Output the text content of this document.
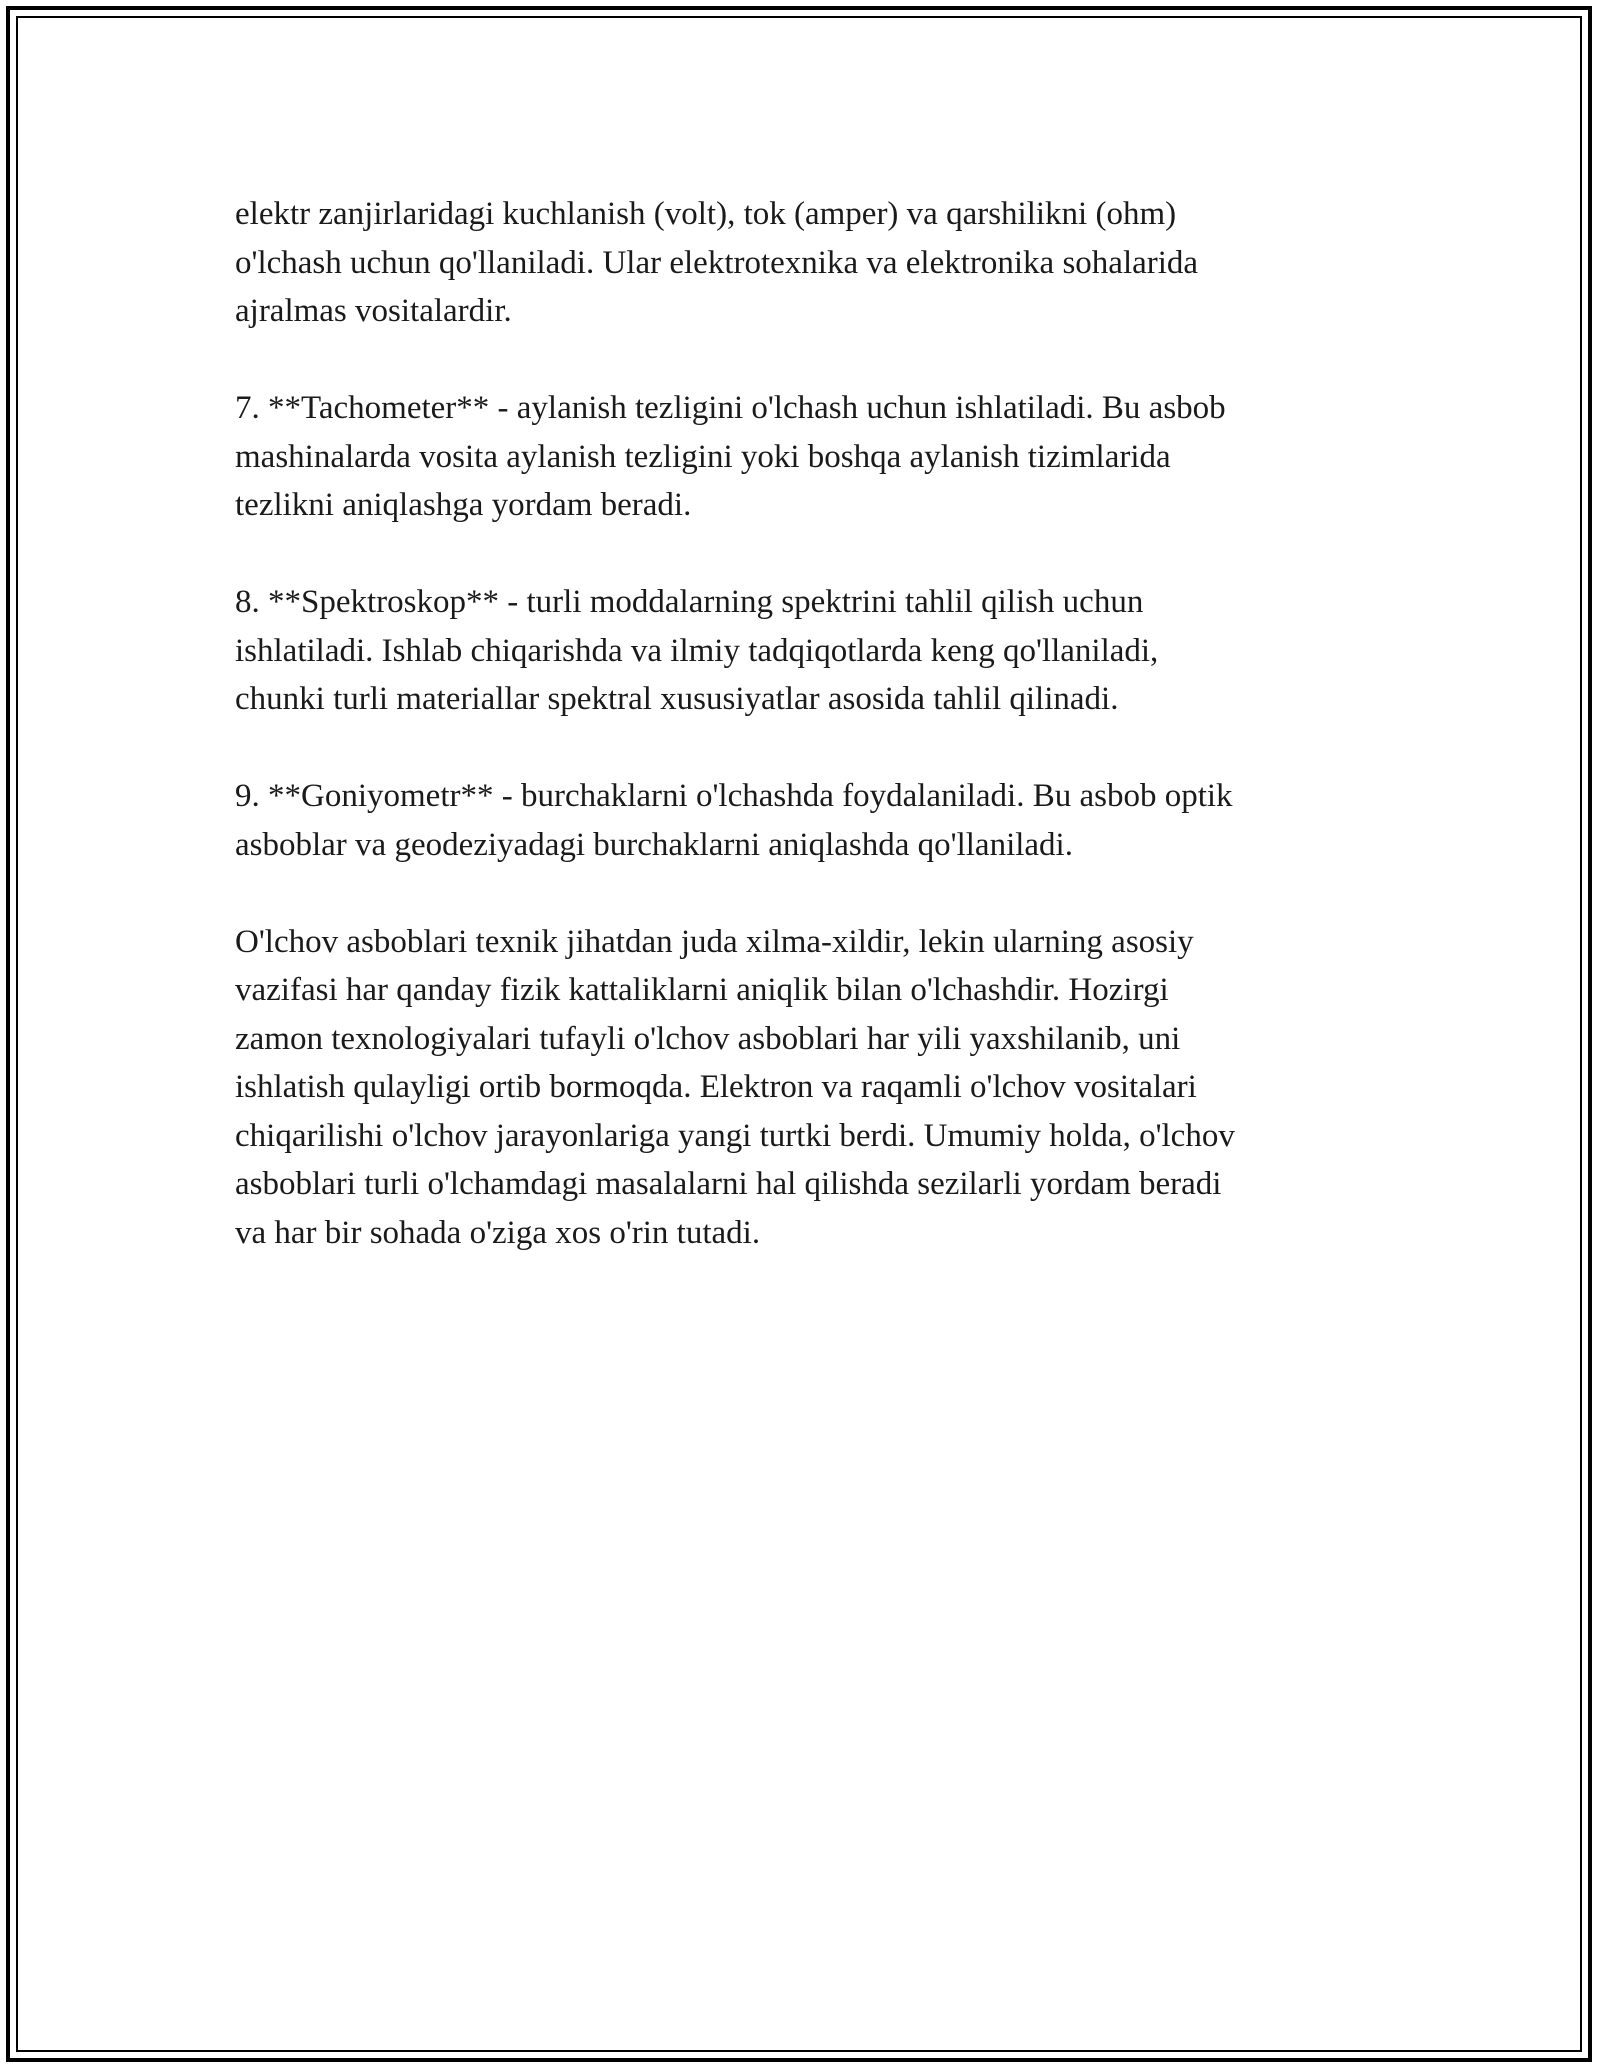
elektr zanjirlaridagi kuchlanish (volt), tok (amper) va qarshilikni (ohm)
o'lchash uchun qo'llaniladi. Ular elektrotexnika va elektronika sohalarida
ajralmas vositalardir.

7. **Tachometer** - aylanish tezligini o'lchash uchun ishlatiladi. Bu asbob
mashinalarda vosita aylanish tezligini yoki boshqa aylanish tizimlarida
tezlikni aniqlashga yordam beradi.

8. **Spektroskop** - turli moddalarning spektrini tahlil qilish uchun
ishlatiladi. Ishlab chiqarishda va ilmiy tadqiqotlarda keng qo'llaniladi,
chunki turli materiallar spektral xususiyatlar asosida tahlil qilinadi.

9. **Goniyometr** - burchaklarni o'lchashda foydalaniladi. Bu asbob optik
asboblar va geodeziyadagi burchaklarni aniqlashda qo'llaniladi.

O'lchov asboblari texnik jihatdan juda xilma-xildir, lekin ularning asosiy
vazifasi har qanday fizik kattaliklarni aniqlik bilan o'lchashdir. Hozirgi
zamon texnologiyalari tufayli o'lchov asboblari har yili yaxshilanib, uni
ishlatish qulayligi ortib bormoqda. Elektron va raqamli o'lchov vositalari
chiqarilishi o'lchov jarayonlariga yangi turtki berdi. Umumiy holda, o'lchov
asboblari turli o'lchamdagi masalalarni hal qilishda sezilarli yordam beradi
va har bir sohada o'ziga xos o'rin tutadi.
